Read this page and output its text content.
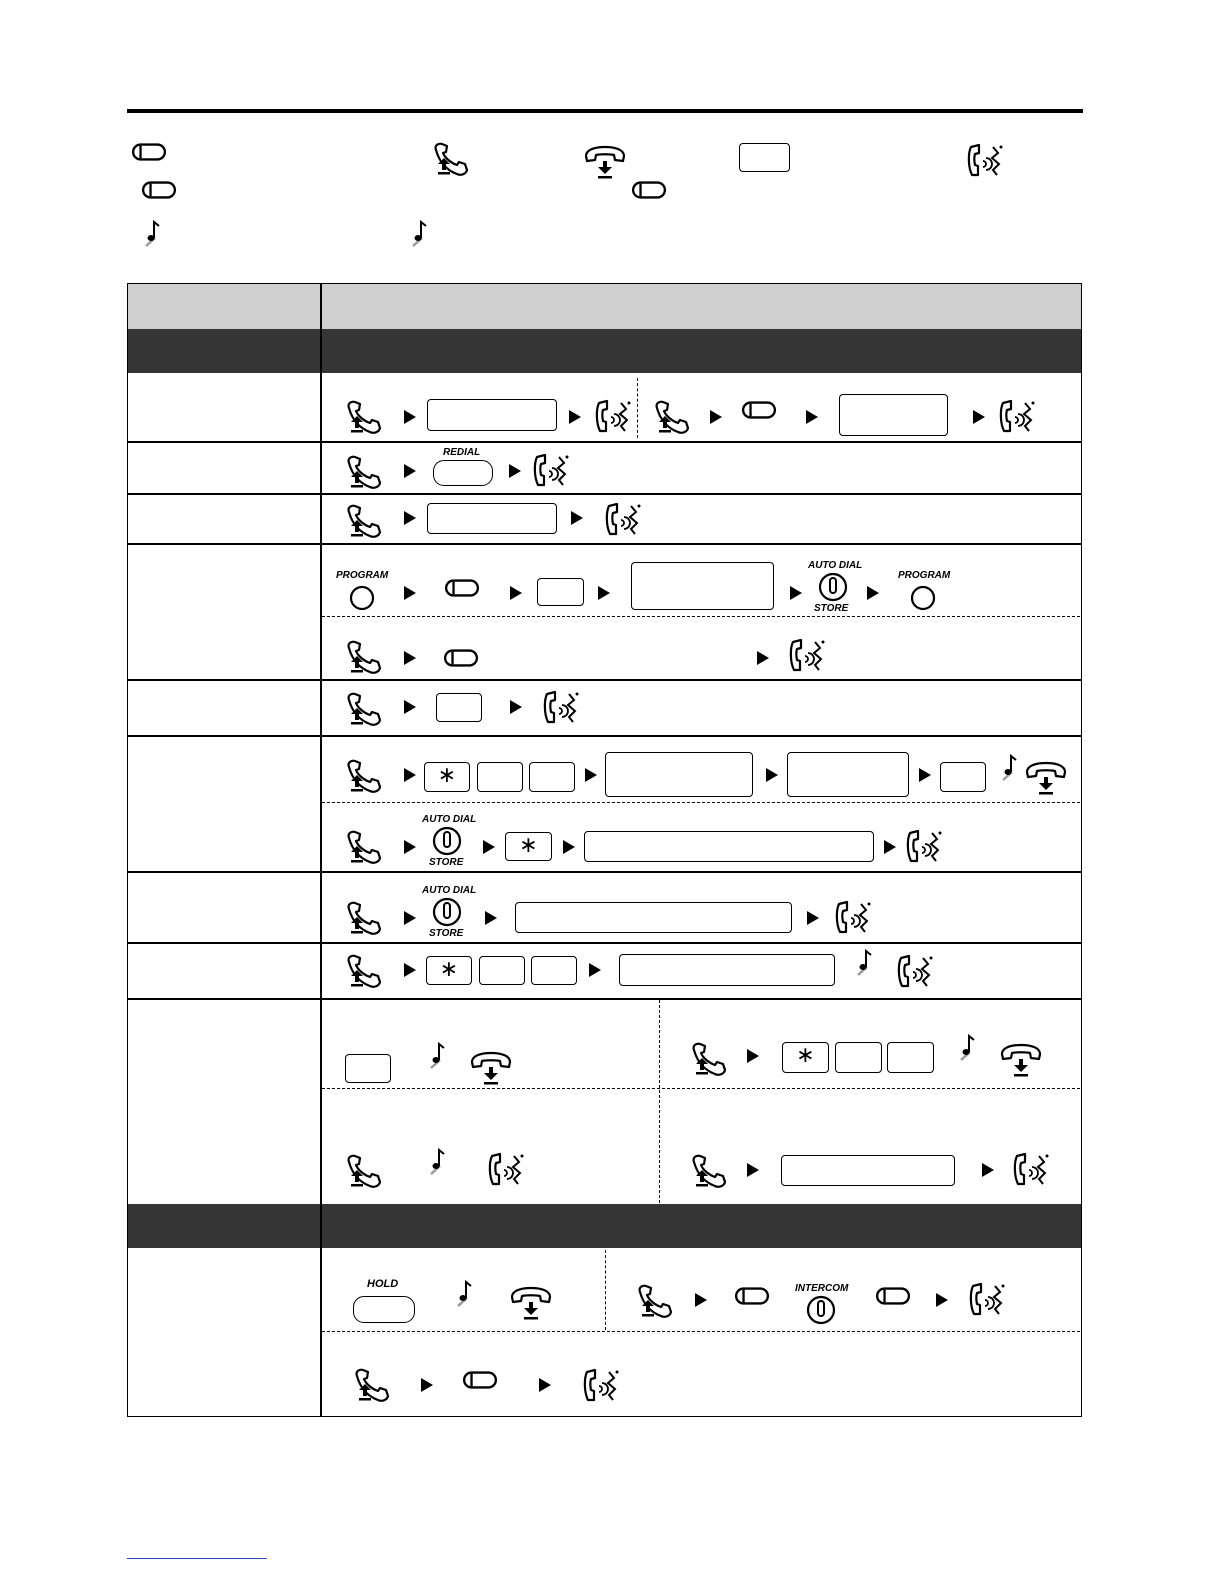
REDIAL
PROGRAM
AUTO DIAL
STORE
PROGRAM
∗
AUTO DIAL
STORE
∗
AUTO DIAL
STORE
∗
∗
HOLD	INTERCOM
